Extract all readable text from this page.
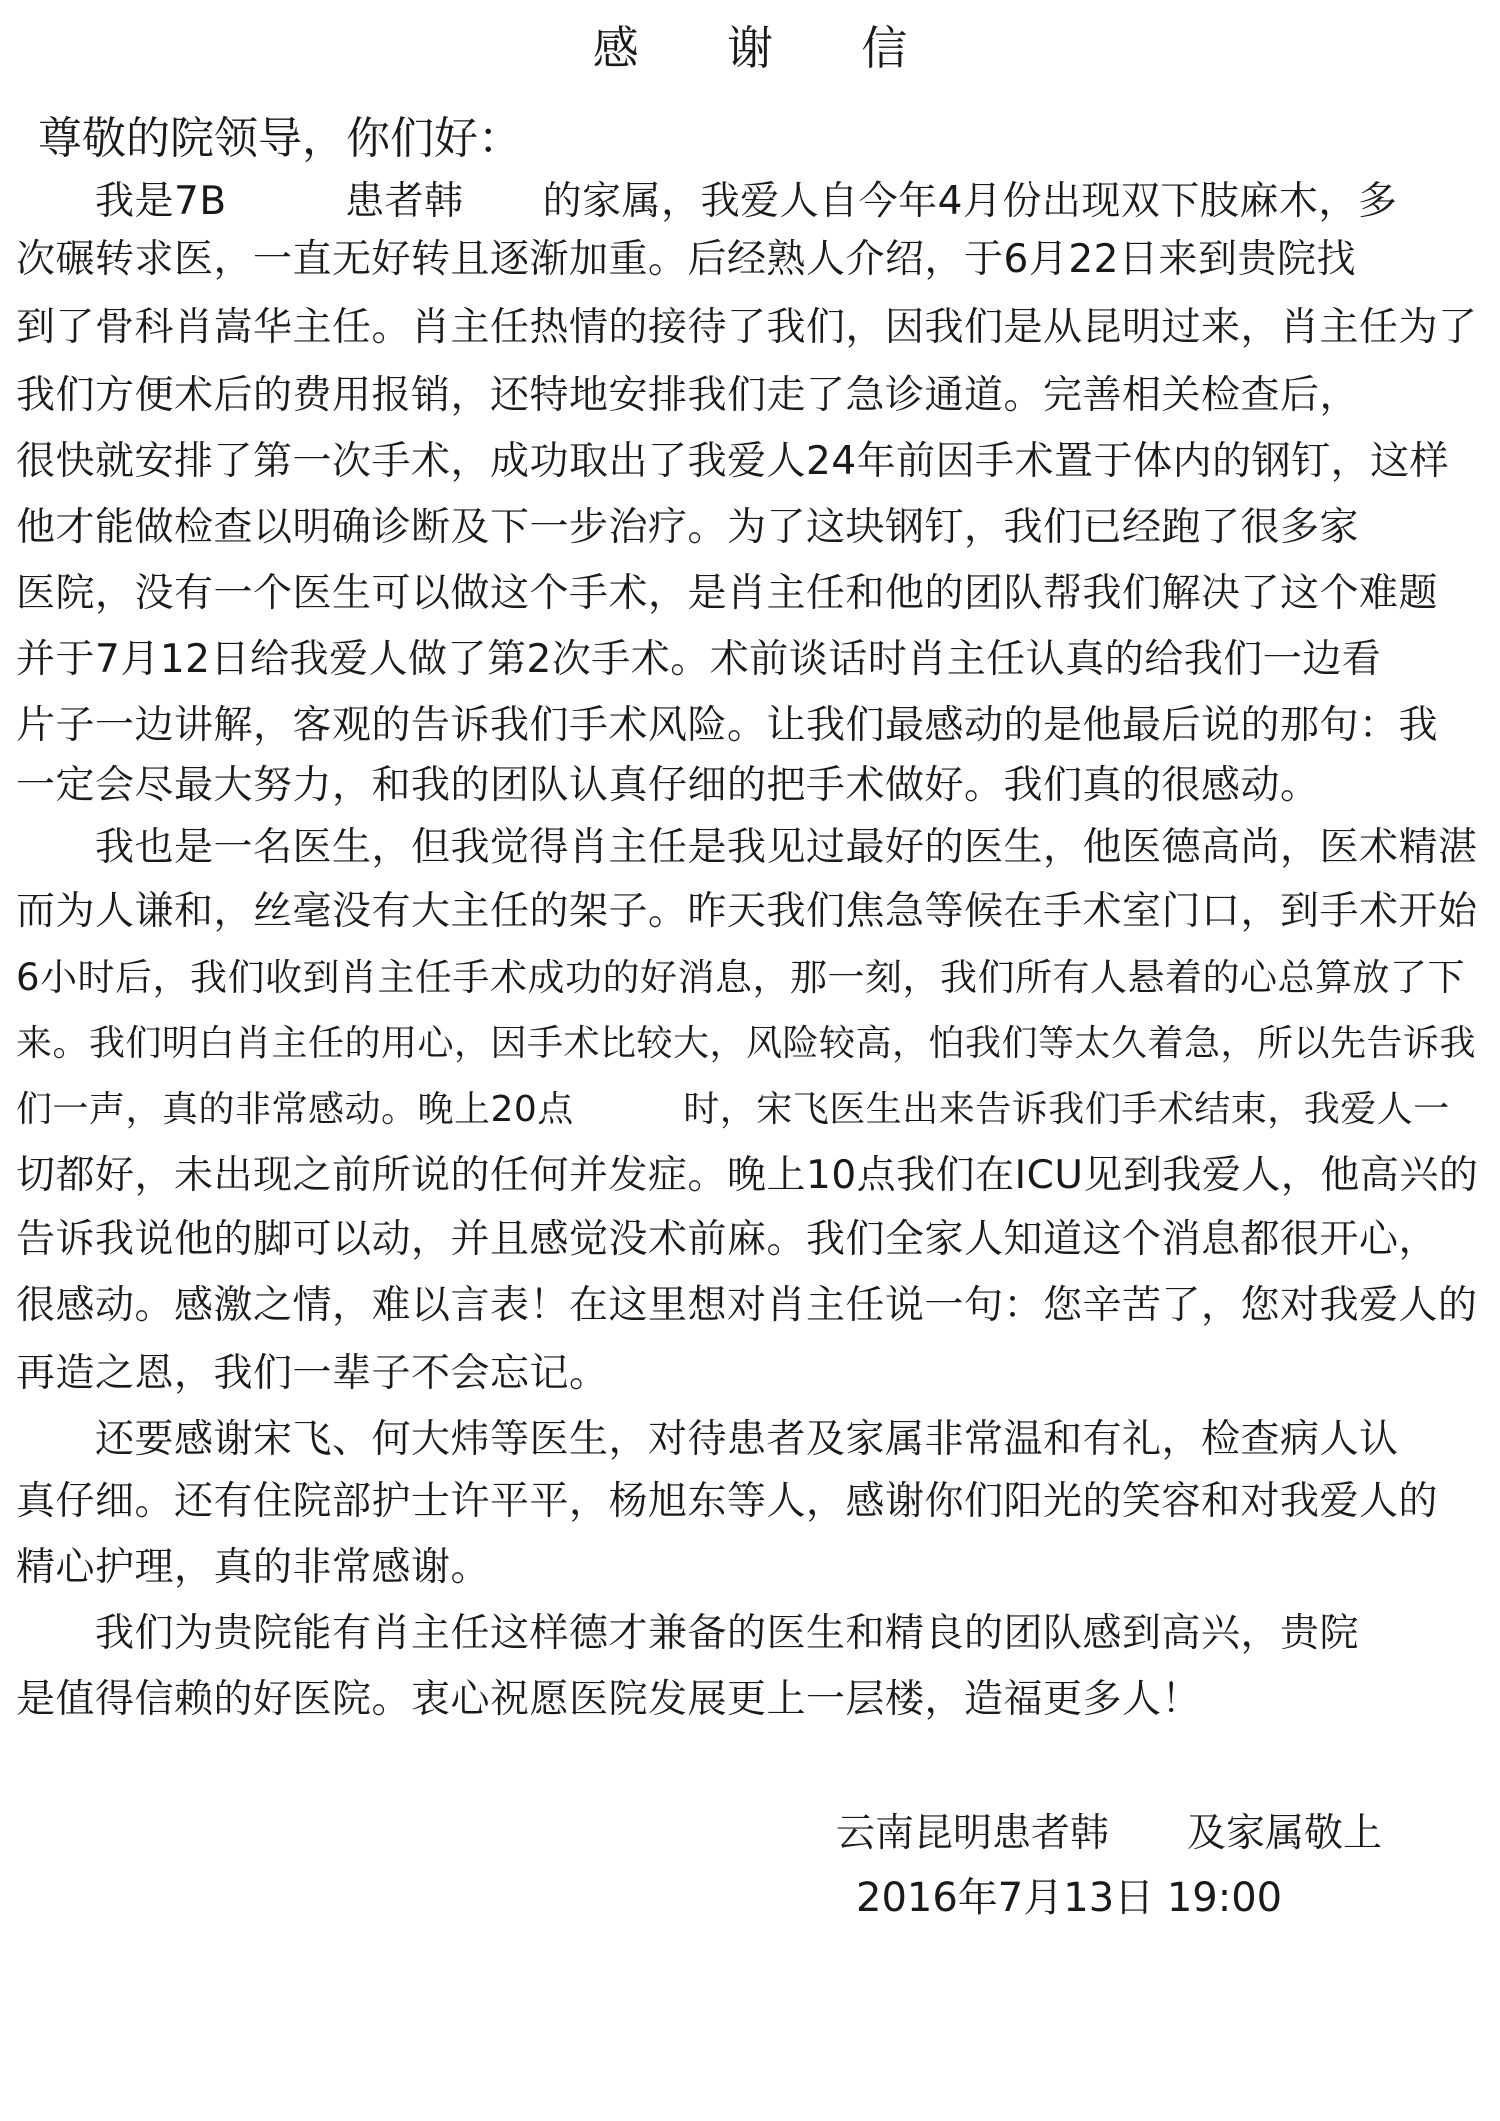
感 谢 信
尊敬的院领导，你们好：
　　我是7B　　　患者韩　　的家属，我爱人自今年4月份出现双下肢麻木，多
次碾转求医，一直无好转且逐渐加重。后经熟人介绍，于6月22日来到贵院找
到了骨科肖嵩华主任。肖主任热情的接待了我们，因我们是从昆明过来，肖主任为了
我们方便术后的费用报销，还特地安排我们走了急诊通道。完善相关检查后，
很快就安排了第一次手术，成功取出了我爱人24年前因手术置于体内的钢钉，这样
他才能做检查以明确诊断及下一步治疗。为了这块钢钉，我们已经跑了很多家
医院，没有一个医生可以做这个手术，是肖主任和他的团队帮我们解决了这个难题
并于7月12日给我爱人做了第2次手术。术前谈话时肖主任认真的给我们一边看
片子一边讲解，客观的告诉我们手术风险。让我们最感动的是他最后说的那句：我
一定会尽最大努力，和我的团队认真仔细的把手术做好。我们真的很感动。
　　我也是一名医生，但我觉得肖主任是我见过最好的医生，他医德高尚，医术精湛
而为人谦和，丝毫没有大主任的架子。昨天我们焦急等候在手术室门口，到手术开始
6小时后，我们收到肖主任手术成功的好消息，那一刻，我们所有人悬着的心总算放了下
来。我们明白肖主任的用心，因手术比较大，风险较高，怕我们等太久着急，所以先告诉我
们一声，真的非常感动。晚上20点　　　时，宋飞医生出来告诉我们手术结束，我爱人一
切都好，未出现之前所说的任何并发症。晚上10点我们在ICU见到我爱人，他高兴的
告诉我说他的脚可以动，并且感觉没术前麻。我们全家人知道这个消息都很开心，
很感动。感激之情，难以言表！在这里想对肖主任说一句：您辛苦了，您对我爱人的
再造之恩，我们一辈子不会忘记。
　　还要感谢宋飞、何大炜等医生，对待患者及家属非常温和有礼，检查病人认
真仔细。还有住院部护士许平平，杨旭东等人，感谢你们阳光的笑容和对我爱人的
精心护理，真的非常感谢。
　　我们为贵院能有肖主任这样德才兼备的医生和精良的团队感到高兴，贵院
是值得信赖的好医院。衷心祝愿医院发展更上一层楼，造福更多人！
云南昆明患者韩　　及家属敬上
2016年7月13日 19:00
